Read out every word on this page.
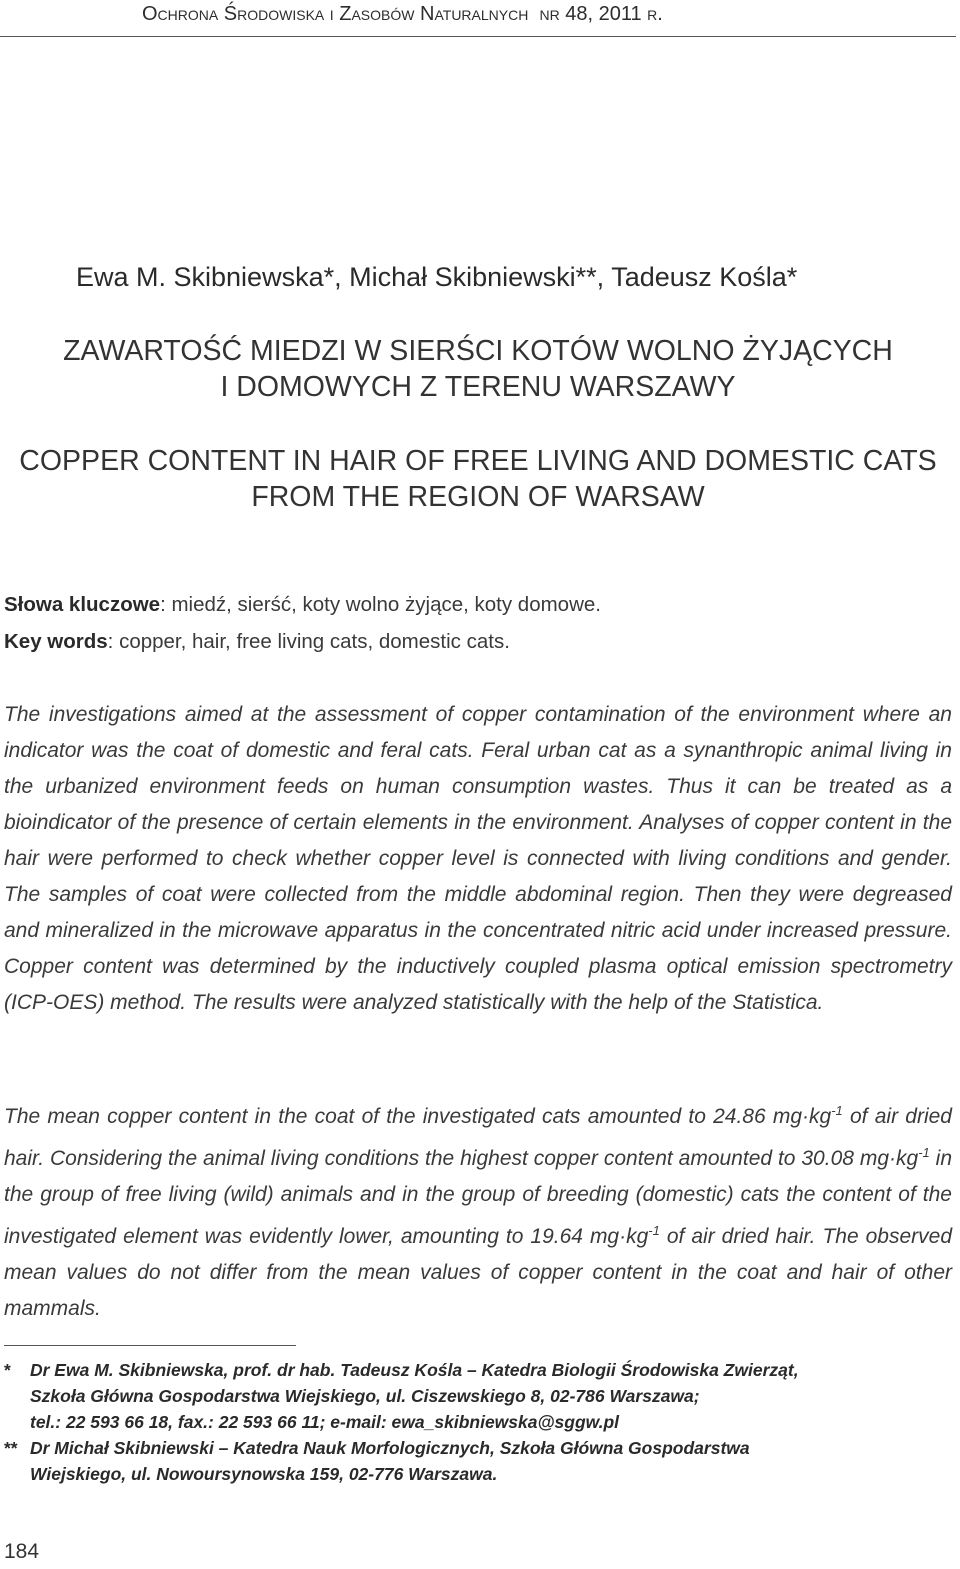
Ochrona Środowiska i Zasobów Naturalnych nr 48, 2011 r.
Ewa M. Skibniewska*, Michał Skibniewski**, Tadeusz Kośla*
ZAWARTOŚĆ MIEDZI W SIERŚCI KOTÓW WOLNO ŻYJĄCYCH
I DOMOWYCH Z TERENU WARSZAWY
COPPER CONTENT IN HAIR OF FREE LIVING AND DOMESTIC CATS
FROM THE REGION OF WARSAW
Słowa kluczowe: miedź, sierść, koty wolno żyjące, koty domowe.
Key words: copper, hair, free living cats, domestic cats.
The investigations aimed at the assessment of copper contamination of the environment where an indicator was the coat of domestic and feral cats. Feral urban cat as a synanthropic animal living in the urbanized environment feeds on human consumption wastes. Thus it can be treated as a bioindicator of the presence of certain elements in the environment. Analyses of copper content in the hair were performed to check whether copper level is connected with living conditions and gender. The samples of coat were collected from the middle abdominal region. Then they were degreased and mineralized in the microwave apparatus in the concentrated nitric acid under increased pressure. Copper content was determined by the inductively coupled plasma optical emission spectrometry (ICP-OES) method. The results were analyzed statistically with the help of the Statistica.
The mean copper content in the coat of the investigated cats amounted to 24.86 $mg\cdot kg^{-1}$ of air dried hair. Considering the animal living conditions the highest copper content amounted to 30.08 $mg\cdot kg^{-1}$ in the group of free living (wild) animals and in the group of breeding (domestic) cats the content of the investigated element was evidently lower, amounting to 19.64 $mg\cdot kg^{-1}$ of air dried hair. The observed mean values do not differ from the mean values of copper content in the coat and hair of other mammals.
*	Dr Ewa M. Skibniewska, prof. dr hab. Tadeusz Kośla – Katedra Biologii Środowiska Zwierząt,
Szkoła Główna Gospodarstwa Wiejskiego, ul. Ciszewskiego 8, 02-786 Warszawa;
tel.: 22 593 66 18, fax.: 22 593 66 11; e-mail: ewa_skibniewska@sggw.pl
** Dr Michał Skibniewski – Katedra Nauk Morfologicznych, Szkoła Główna Gospodarstwa
Wiejskiego, ul. Nowoursynowska 159, 02-776 Warszawa.
184
